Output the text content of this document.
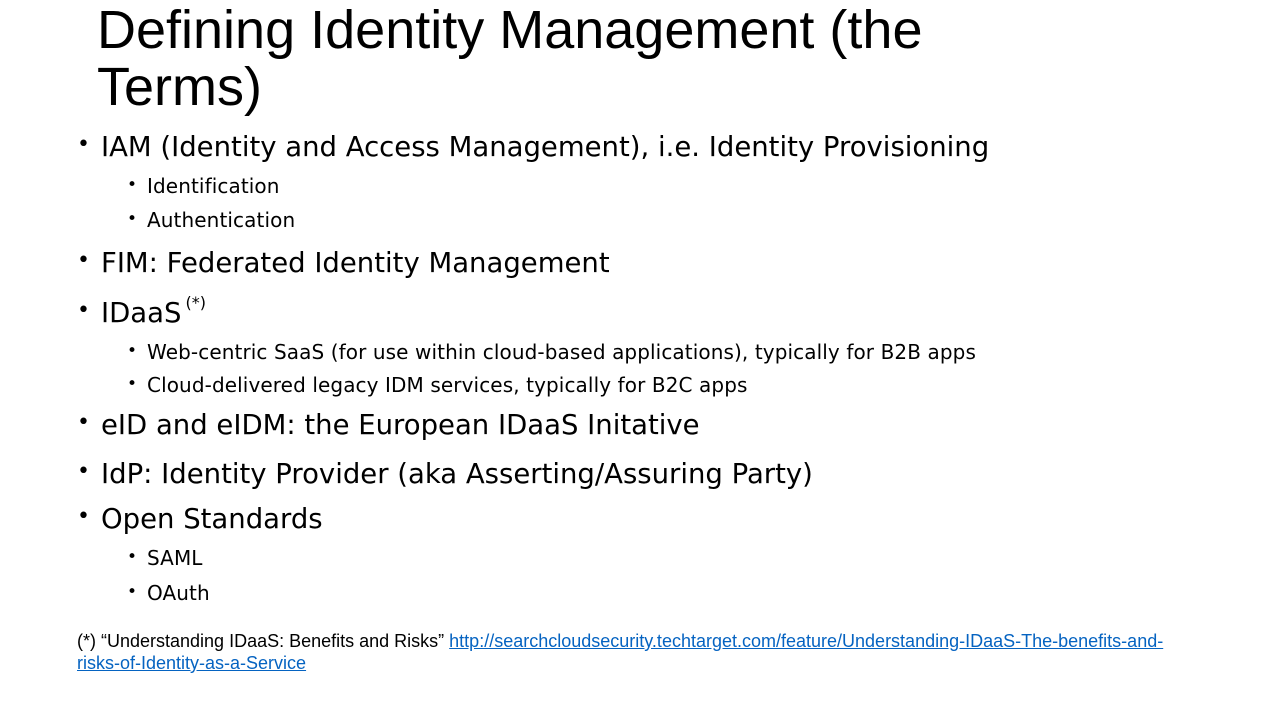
Defining Identity Management (the
Terms)
• IAM (Identity and Access Management), i.e. Identity Provisioning
• Identification
• Authentication
• FIM: Federated Identity Management
• IDaaS (*)
• Web-centric SaaS (for use within cloud-based applications), typically for B2B apps
• Cloud-delivered legacy IDM services, typically for B2C apps
• eID and eIDM: the European IDaaS Initative
• IdP: Identity Provider (aka Asserting/Assuring Party)
• Open Standards
• SAML
• OAuth
(*) “Understanding IDaaS: Benefits and Risks” http://searchcloudsecurity.techtarget.com/feature/Understanding-IDaaS-The-benefits-and-risks-of-Identity-as-a-Service
